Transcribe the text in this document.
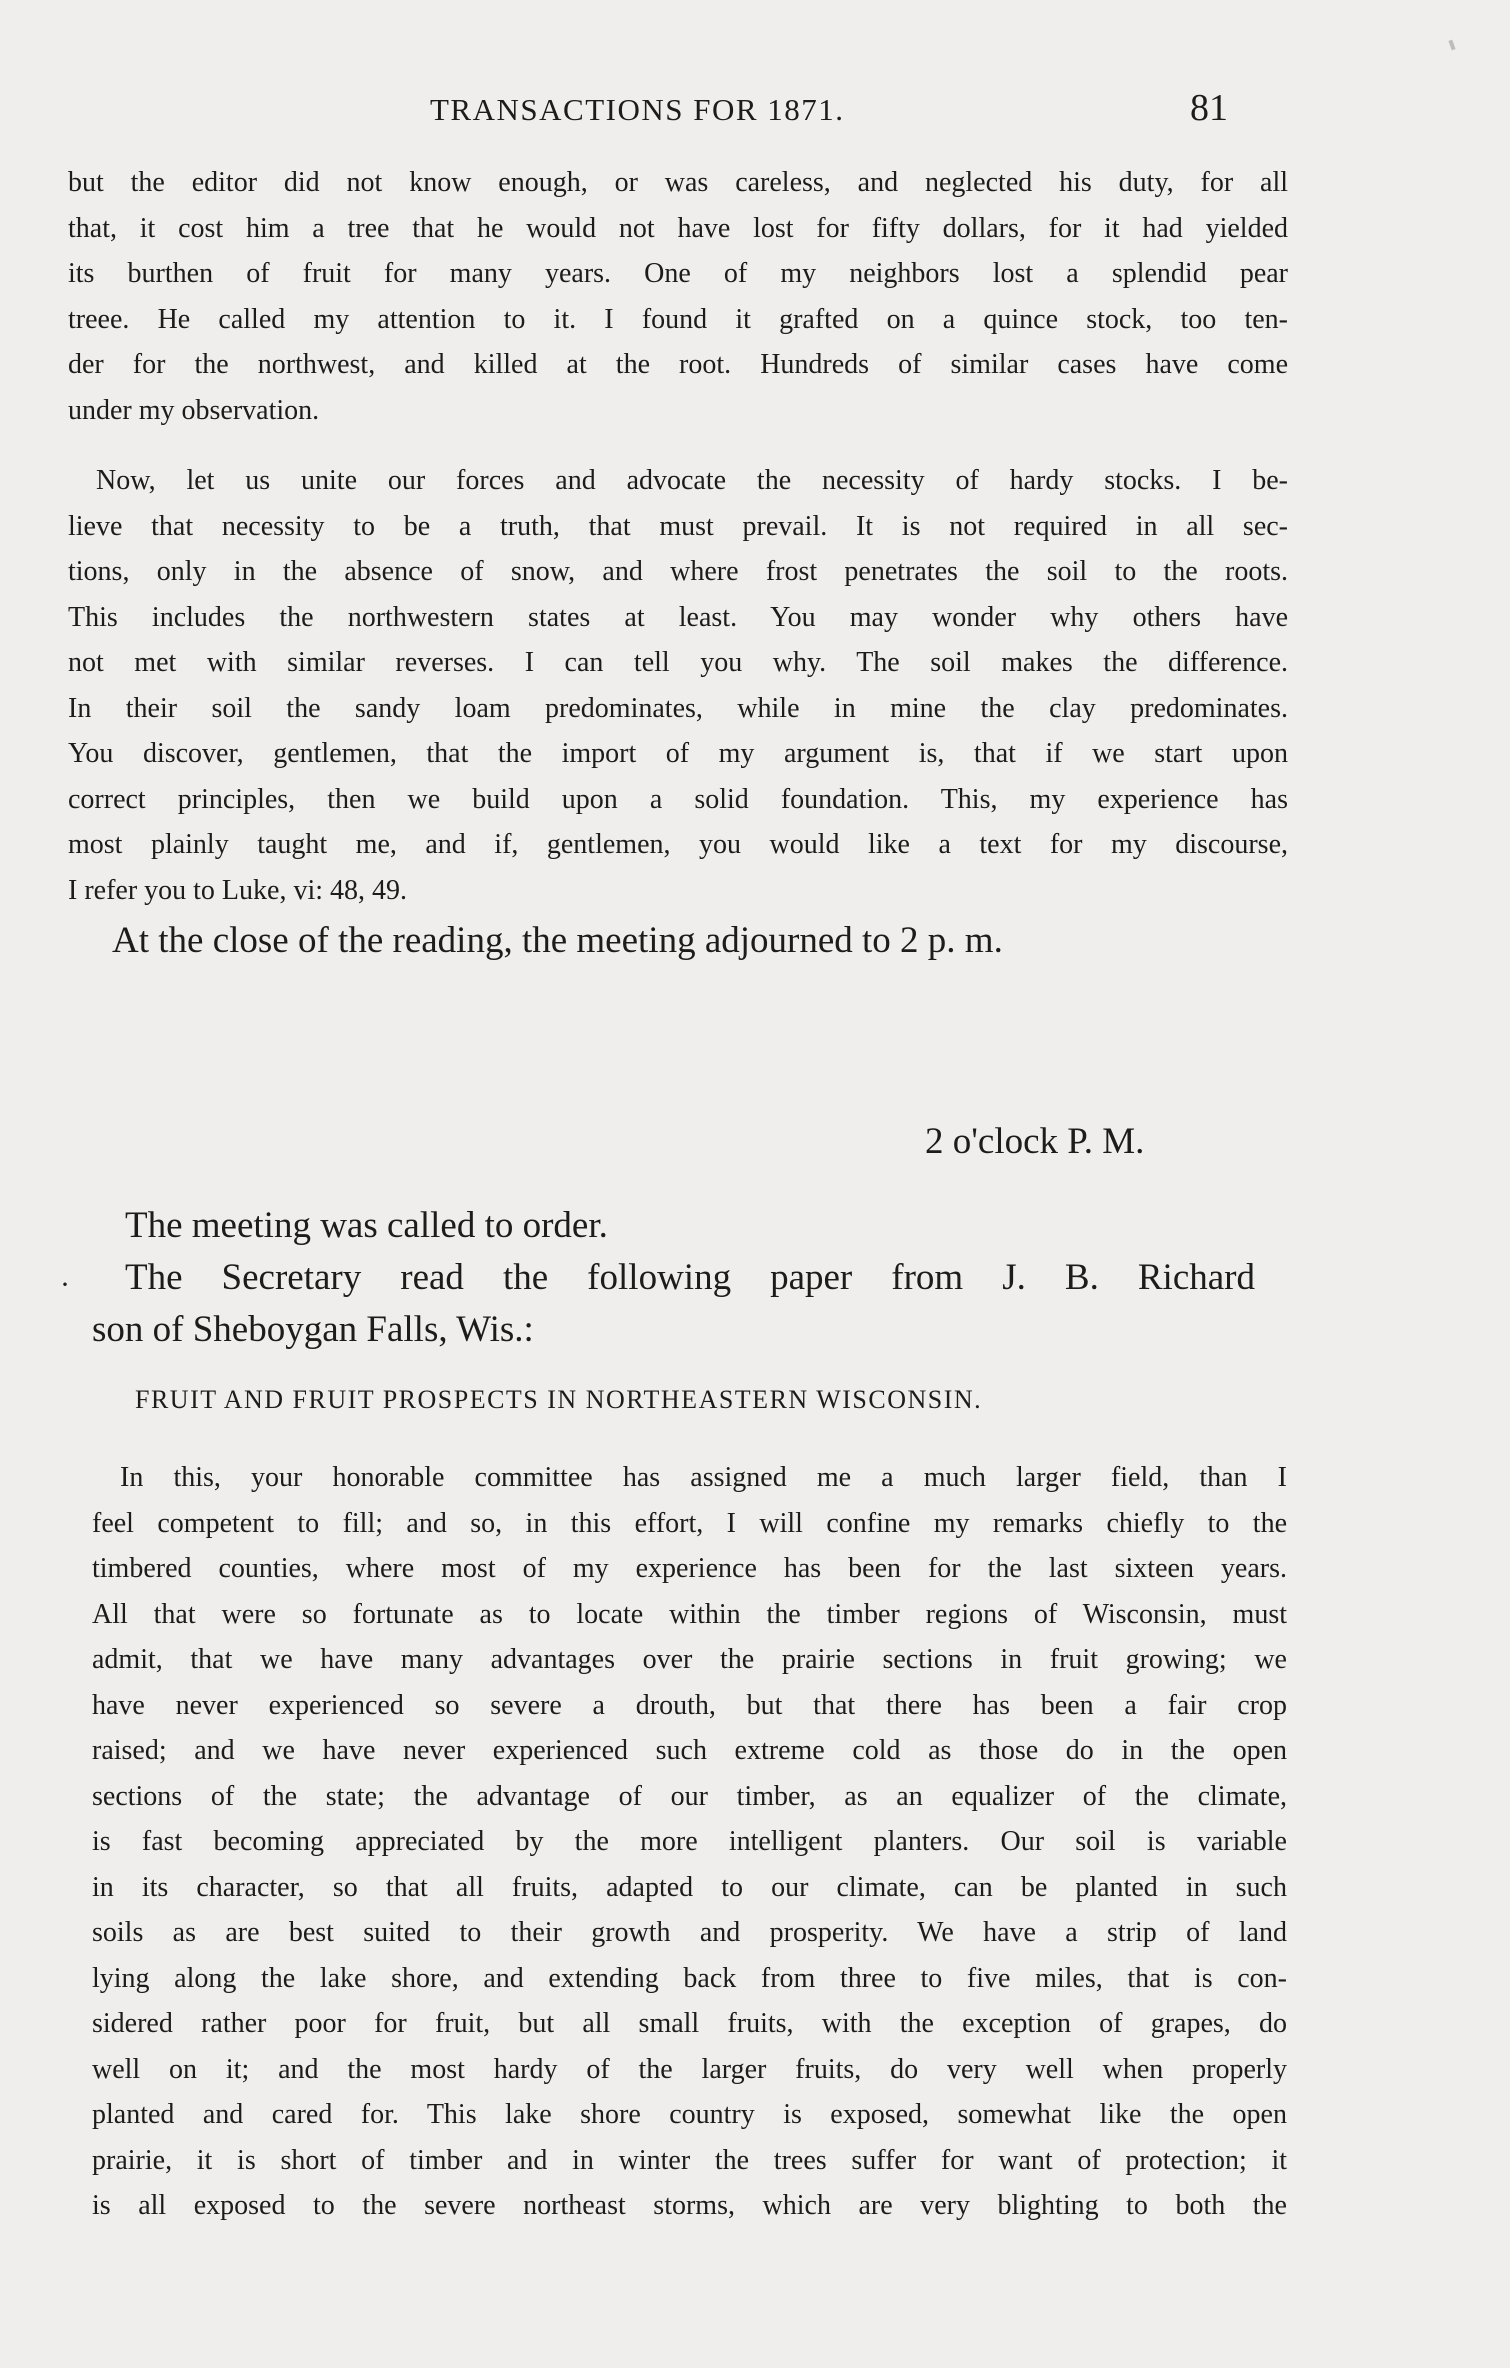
TRANSACTIONS FOR 1871.	81
but the editor did not know enough, or was careless, and neglected his duty, for all
that, it cost him a tree that he would not have lost for fifty dollars, for it had yielded
its burthen of fruit for many years. One of my neighbors lost a splendid pear
treee. He called my attention to it. I found it grafted on a quince stock, too ten-
der for the northwest, and killed at the root. Hundreds of similar cases have come
under my observation.
Now, let us unite our forces and advocate the necessity of hardy stocks. I be-
lieve that necessity to be a truth, that must prevail. It is not required in all sec-
tions, only in the absence of snow, and where frost penetrates the soil to the roots.
This includes the northwestern states at least. You may wonder why others have
not met with similar reverses. I can tell you why. The soil makes the difference.
In their soil the sandy loam predominates, while in mine the clay predominates.
You discover, gentlemen, that the import of my argument is, that if we start upon
correct principles, then we build upon a solid foundation. This, my experience has
most plainly taught me, and if, gentlemen, you would like a text for my discourse,
I refer you to Luke, vi: 48, 49.
At the close of the reading, the meeting adjourned to 2 p. m.
2 o'clock P. M.
·
The meeting was called to order.
The Secretary read the following paper from J. B. Richard
son of Sheboygan Falls, Wis.:
FRUIT AND FRUIT PROSPECTS IN NORTHEASTERN WISCONSIN.
In this, your honorable committee has assigned me a much larger field, than I
feel competent to fill; and so, in this effort, I will confine my remarks chiefly to the
timbered counties, where most of my experience has been for the last sixteen years.
All that were so fortunate as to locate within the timber regions of Wisconsin, must
admit, that we have many advantages over the prairie sections in fruit growing; we
have never experienced so severe a drouth, but that there has been a fair crop
raised; and we have never experienced such extreme cold as those do in the open
sections of the state; the advantage of our timber, as an equalizer of the climate,
is fast becoming appreciated by the more intelligent planters. Our soil is variable
in its character, so that all fruits, adapted to our climate, can be planted in such
soils as are best suited to their growth and prosperity. We have a strip of land
lying along the lake shore, and extending back from three to five miles, that is con-
sidered rather poor for fruit, but all small fruits, with the exception of grapes, do
well on it; and the most hardy of the larger fruits, do very well when properly
planted and cared for. This lake shore country is exposed, somewhat like the open
prairie, it is short of timber and in winter the trees suffer for want of protection; it
is all exposed to the severe northeast storms, which are very blighting to both the
